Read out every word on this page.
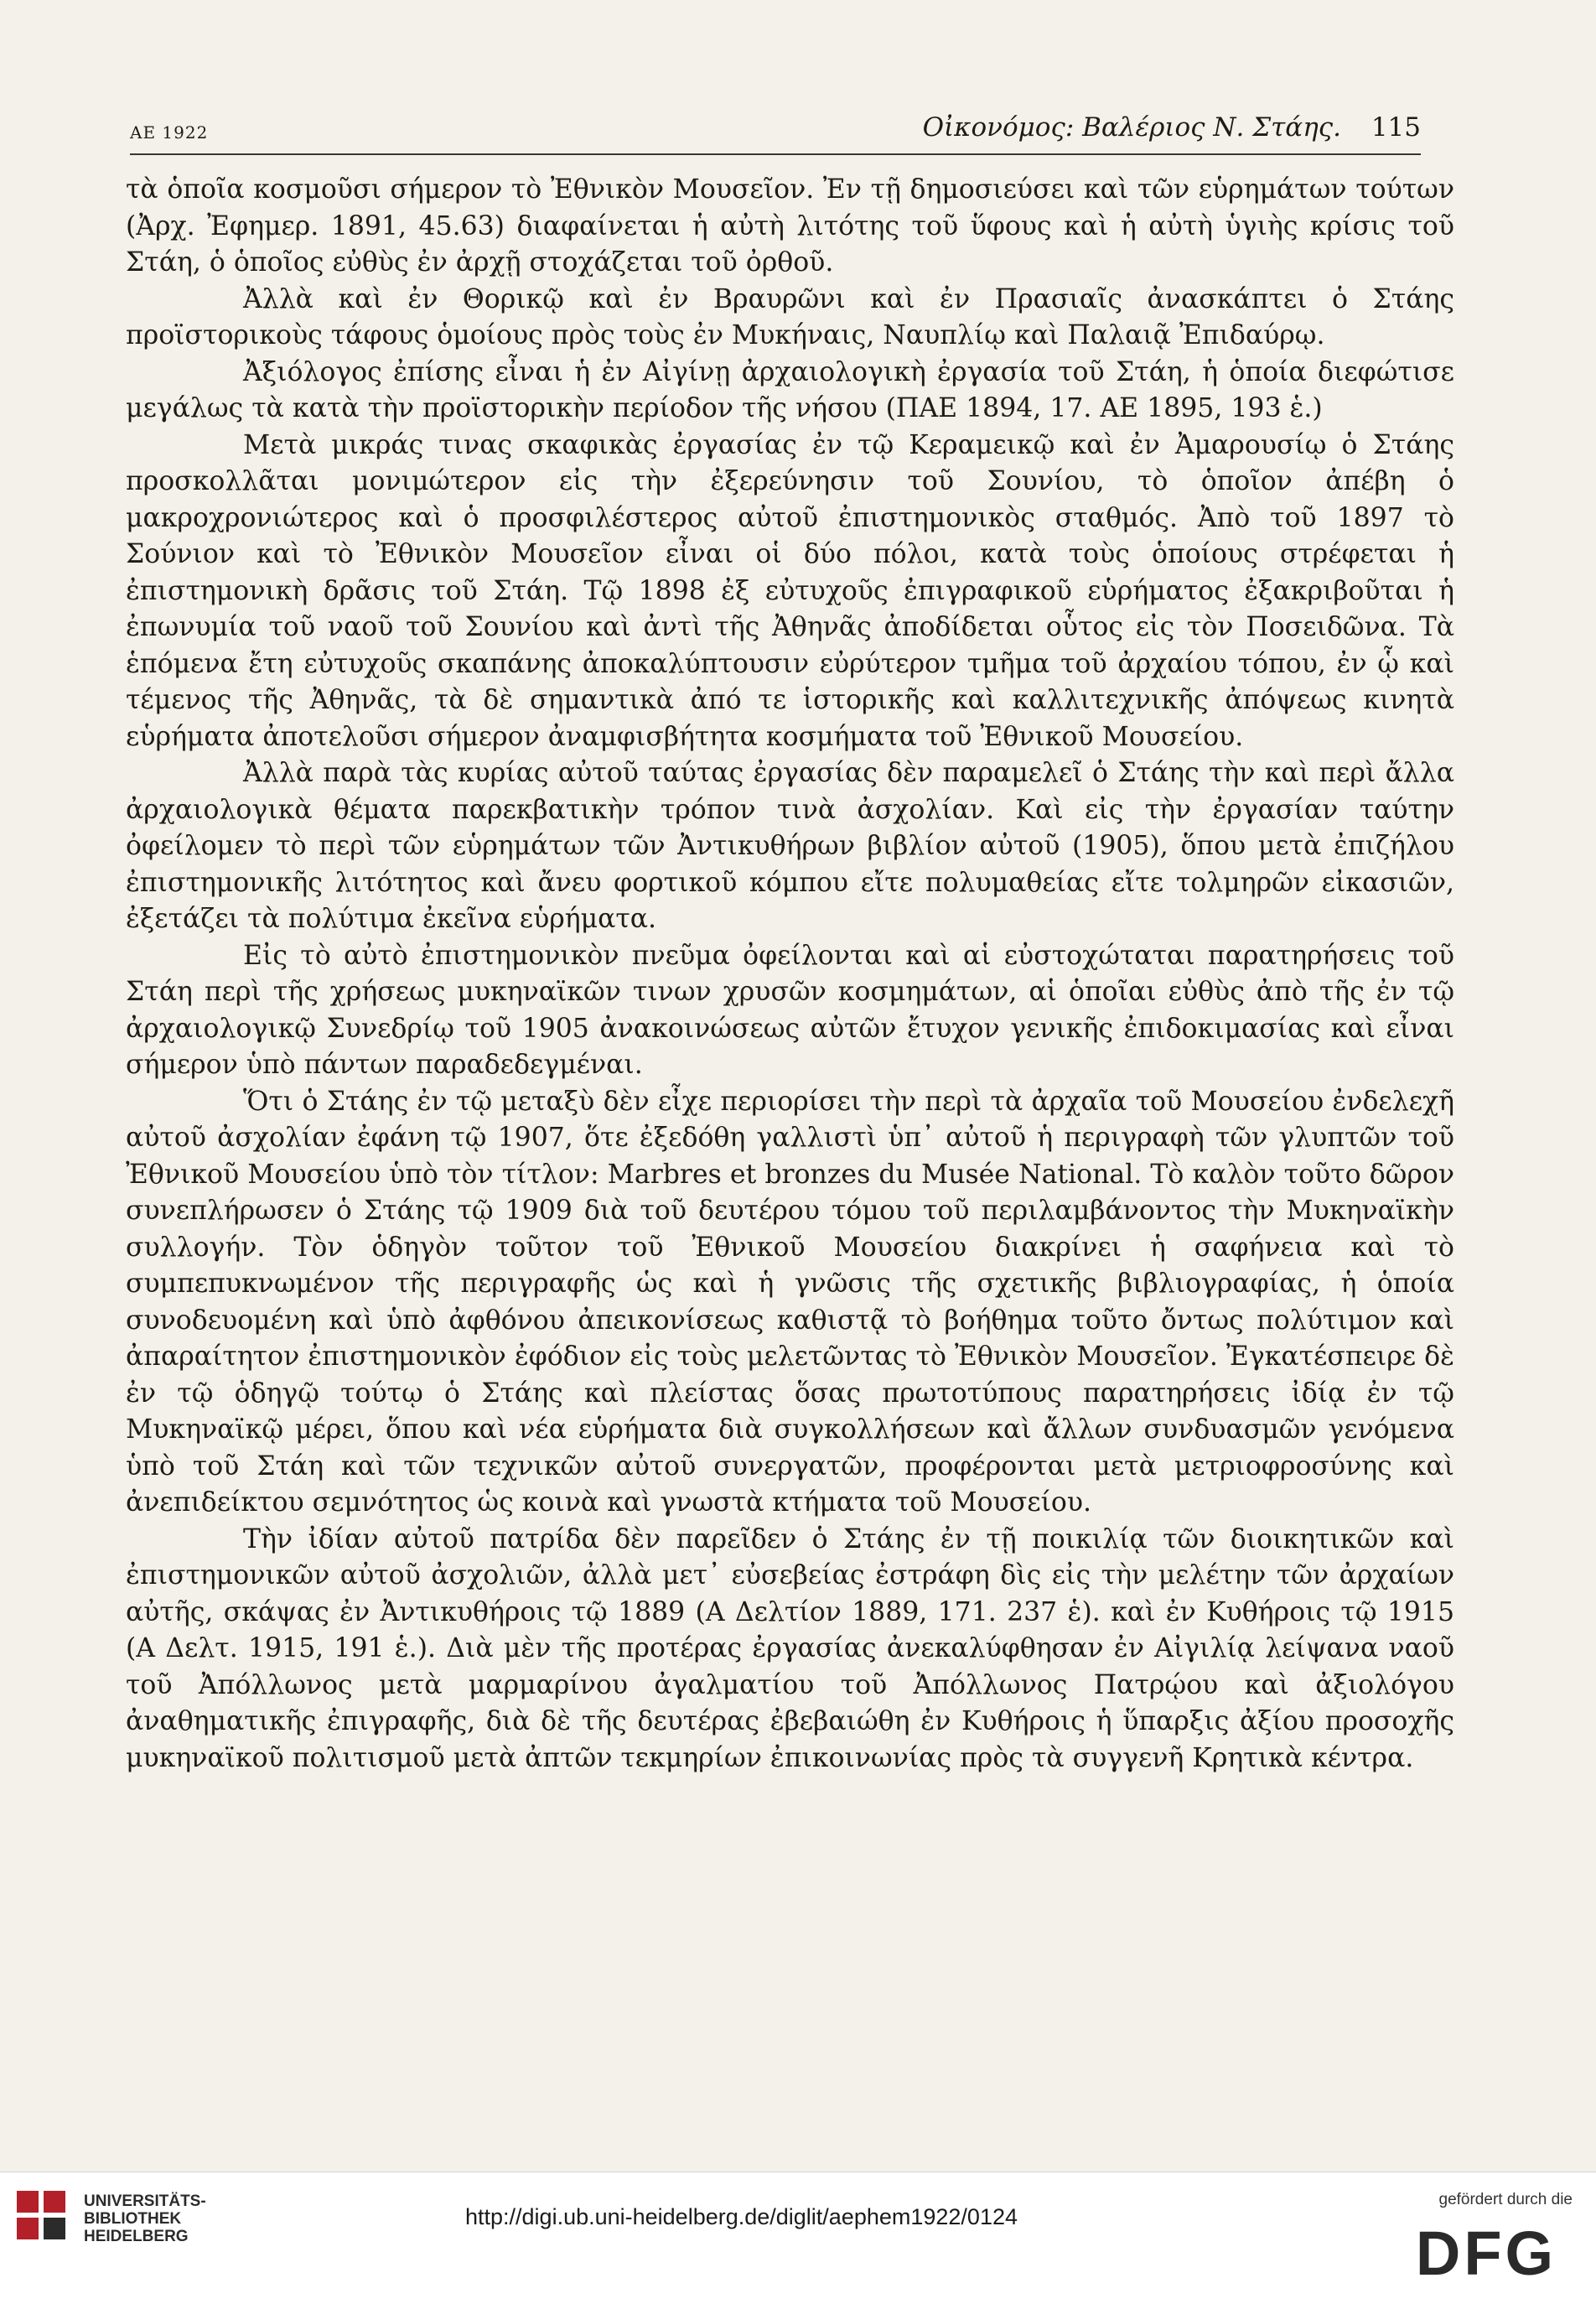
ΑΕ 1922	Οἰκονόμος: Βαλέριος Ν. Στάης. 115

τὰ ὁποῖα κοσμοῦσι σήμερον τὸ Ἐθνικὸν Μουσεῖον. Ἐν τῇ δημοσιεύσει καὶ τῶν εὑρημάτων τούτων (Ἀρχ. Ἐφημερ. 1891, 45.63) διαφαίνεται ἡ αὐτὴ λιτότης τοῦ ὕφους καὶ ἡ αὐτὴ ὑγιὴς κρίσις τοῦ Στάη, ὁ ὁποῖος εὐθὺς ἐν ἀρχῇ στοχάζεται τοῦ ὀρθοῦ.

Ἀλλὰ καὶ ἐν Θορικῷ καὶ ἐν Βραυρῶνι καὶ ἐν Πρασιαῖς ἀνασκάπτει ὁ Στάης προϊστορικοὺς τάφους ὁμοίους πρὸς τοὺς ἐν Μυκήναις, Ναυπλίῳ καὶ Παλαιᾷ Ἐπιδαύρῳ.

Ἀξιόλογος ἐπίσης εἶναι ἡ ἐν Αἰγίνῃ ἀρχαιολογικὴ ἐργασία τοῦ Στάη, ἡ ὁποία διεφώτισε μεγάλως τὰ κατὰ τὴν προϊστορικὴν περίοδον τῆς νήσου (ΠΑΕ 1894, 17. ΑΕ 1895, 193 ἑ.)

Μετὰ μικράς τινας σκαφικὰς ἐργασίας ἐν τῷ Κεραμεικῷ καὶ ἐν Ἀμαρουσίῳ ὁ Στάης προσκολλᾶται μονιμώτερον εἰς τὴν ἐξερεύνησιν τοῦ Σουνίου, τὸ ὁποῖον ἀπέβη ὁ μακροχρονιώτερος καὶ ὁ προσφιλέστερος αὐτοῦ ἐπιστημονικὸς σταθμός. Ἀπὸ τοῦ 1897 τὸ Σούνιον καὶ τὸ Ἐθνικὸν Μουσεῖον εἶναι οἱ δύο πόλοι, κατὰ τοὺς ὁποίους στρέφεται ἡ ἐπιστημονικὴ δρᾶσις τοῦ Στάη. Τῷ 1898 ἐξ εὐτυχοῦς ἐπιγραφικοῦ εὑρήματος ἐξακριβοῦται ἡ ἐπωνυμία τοῦ ναοῦ τοῦ Σουνίου καὶ ἀντὶ τῆς Ἀθηνᾶς ἀποδίδεται οὗτος εἰς τὸν Ποσειδῶνα. Τὰ ἑπόμενα ἔτη εὐτυχοῦς σκαπάνης ἀποκαλύπτουσιν εὐρύτερον τμῆμα τοῦ ἀρχαίου τόπου, ἐν ᾧ καὶ τέμενος τῆς Ἀθηνᾶς, τὰ δὲ σημαντικὰ ἀπό τε ἱστορικῆς καὶ καλλιτεχνικῆς ἀπόψεως κινητὰ εὑρήματα ἀποτελοῦσι σήμερον ἀναμφισβήτητα κοσμήματα τοῦ Ἐθνικοῦ Μουσείου.

Ἀλλὰ παρὰ τὰς κυρίας αὐτοῦ ταύτας ἐργασίας δὲν παραμελεῖ ὁ Στάης τὴν καὶ περὶ ἄλλα ἀρχαιολογικὰ θέματα παρεκβατικὴν τρόπον τινὰ ἀσχολίαν. Καὶ εἰς τὴν ἐργασίαν ταύτην ὀφείλομεν τὸ περὶ τῶν εὑρημάτων τῶν Ἀντικυθήρων βιβλίον αὐτοῦ (1905), ὅπου μετὰ ἐπιζήλου ἐπιστημονικῆς λιτότητος καὶ ἄνευ φορτικοῦ κόμπου εἴτε πολυμαθείας εἴτε τολμηρῶν εἰκασιῶν, ἐξετάζει τὰ πολύτιμα ἐκεῖνα εὑρήματα.

Εἰς τὸ αὐτὸ ἐπιστημονικὸν πνεῦμα ὀφείλονται καὶ αἱ εὐστοχώταται παρατηρήσεις τοῦ Στάη περὶ τῆς χρήσεως μυκηναϊκῶν τινων χρυσῶν κοσμημάτων, αἱ ὁποῖαι εὐθὺς ἀπὸ τῆς ἐν τῷ ἀρχαιολογικῷ Συνεδρίῳ τοῦ 1905 ἀνακοινώσεως αὐτῶν ἔτυχον γενικῆς ἐπιδοκιμασίας καὶ εἶναι σήμερον ὑπὸ πάντων παραδεδεγμέναι.

Ὅτι ὁ Στάης ἐν τῷ μεταξὺ δὲν εἶχε περιορίσει τὴν περὶ τὰ ἀρχαῖα τοῦ Μουσείου ἐνδελεχῆ αὐτοῦ ἀσχολίαν ἐφάνη τῷ 1907, ὅτε ἐξεδόθη γαλλιστὶ ὑπ᾽ αὐτοῦ ἡ περιγραφὴ τῶν γλυπτῶν τοῦ Ἐθνικοῦ Μουσείου ὑπὸ τὸν τίτλον: Marbres et bronzes du Musée National. Τὸ καλὸν τοῦτο δῶρον συνεπλήρωσεν ὁ Στάης τῷ 1909 διὰ τοῦ δευτέρου τόμου τοῦ περιλαμβάνοντος τὴν Μυκηναϊκὴν συλλογήν. Τὸν ὁδηγὸν τοῦτον τοῦ Ἐθνικοῦ Μουσείου διακρίνει ἡ σαφήνεια καὶ τὸ συμπεπυκνωμένον τῆς περιγραφῆς ὡς καὶ ἡ γνῶσις τῆς σχετικῆς βιβλιογραφίας, ἡ ὁποία συνοδευομένη καὶ ὑπὸ ἀφθόνου ἀπεικονίσεως καθιστᾷ τὸ βοήθημα τοῦτο ὄντως πολύτιμον καὶ ἀπαραίτητον ἐπιστημονικὸν ἐφόδιον εἰς τοὺς μελετῶντας τὸ Ἐθνικὸν Μουσεῖον. Ἐγκατέσπειρε δὲ ἐν τῷ ὁδηγῷ τούτῳ ὁ Στάης καὶ πλείστας ὅσας πρωτοτύπους παρατηρήσεις ἰδίᾳ ἐν τῷ Μυκηναϊκῷ μέρει, ὅπου καὶ νέα εὑρήματα διὰ συγκολλήσεων καὶ ἄλλων συνδυασμῶν γενόμενα ὑπὸ τοῦ Στάη καὶ τῶν τεχνικῶν αὐτοῦ συνεργατῶν, προφέρονται μετὰ μετριοφροσύνης καὶ ἀνεπιδείκτου σεμνότητος ὡς κοινὰ καὶ γνωστὰ κτήματα τοῦ Μουσείου.

Τὴν ἰδίαν αὐτοῦ πατρίδα δὲν παρεῖδεν ὁ Στάης ἐν τῇ ποικιλίᾳ τῶν διοικητικῶν καὶ ἐπιστημονικῶν αὐτοῦ ἀσχολιῶν, ἀλλὰ μετ᾽ εὐσεβείας ἐστράφη δὶς εἰς τὴν μελέτην τῶν ἀρχαίων αὐτῆς, σκάψας ἐν Ἀντικυθήροις τῷ 1889 (Α Δελτίον 1889, 171. 237 ἑ). καὶ ἐν Κυθήροις τῷ 1915 (Α Δελτ. 1915, 191 ἑ.). Διὰ μὲν τῆς προτέρας ἐργασίας ἀνεκαλύφθησαν ἐν Αἰγιλίᾳ λείψανα ναοῦ τοῦ Ἀπόλλωνος μετὰ μαρμαρίνου ἀγαλματίου τοῦ Ἀπόλλωνος Πατρῴου καὶ ἀξιολόγου ἀναθηματικῆς ἐπιγραφῆς, διὰ δὲ τῆς δευτέρας ἐβεβαιώθη ἐν Κυθήροις ἡ ὕπαρξις ἀξίου προσοχῆς μυκηναϊκοῦ πολιτισμοῦ μετὰ ἀπτῶν τεκμηρίων ἐπικοινωνίας πρὸς τὰ συγγενῆ Κρητικὰ κέντρα.

UNIVERSITÄTS-
BIBLIOTHEK
HEIDELBERG
http://digi.ub.uni-heidelberg.de/diglit/aephem1922/0124
gefördert durch die
DFG
